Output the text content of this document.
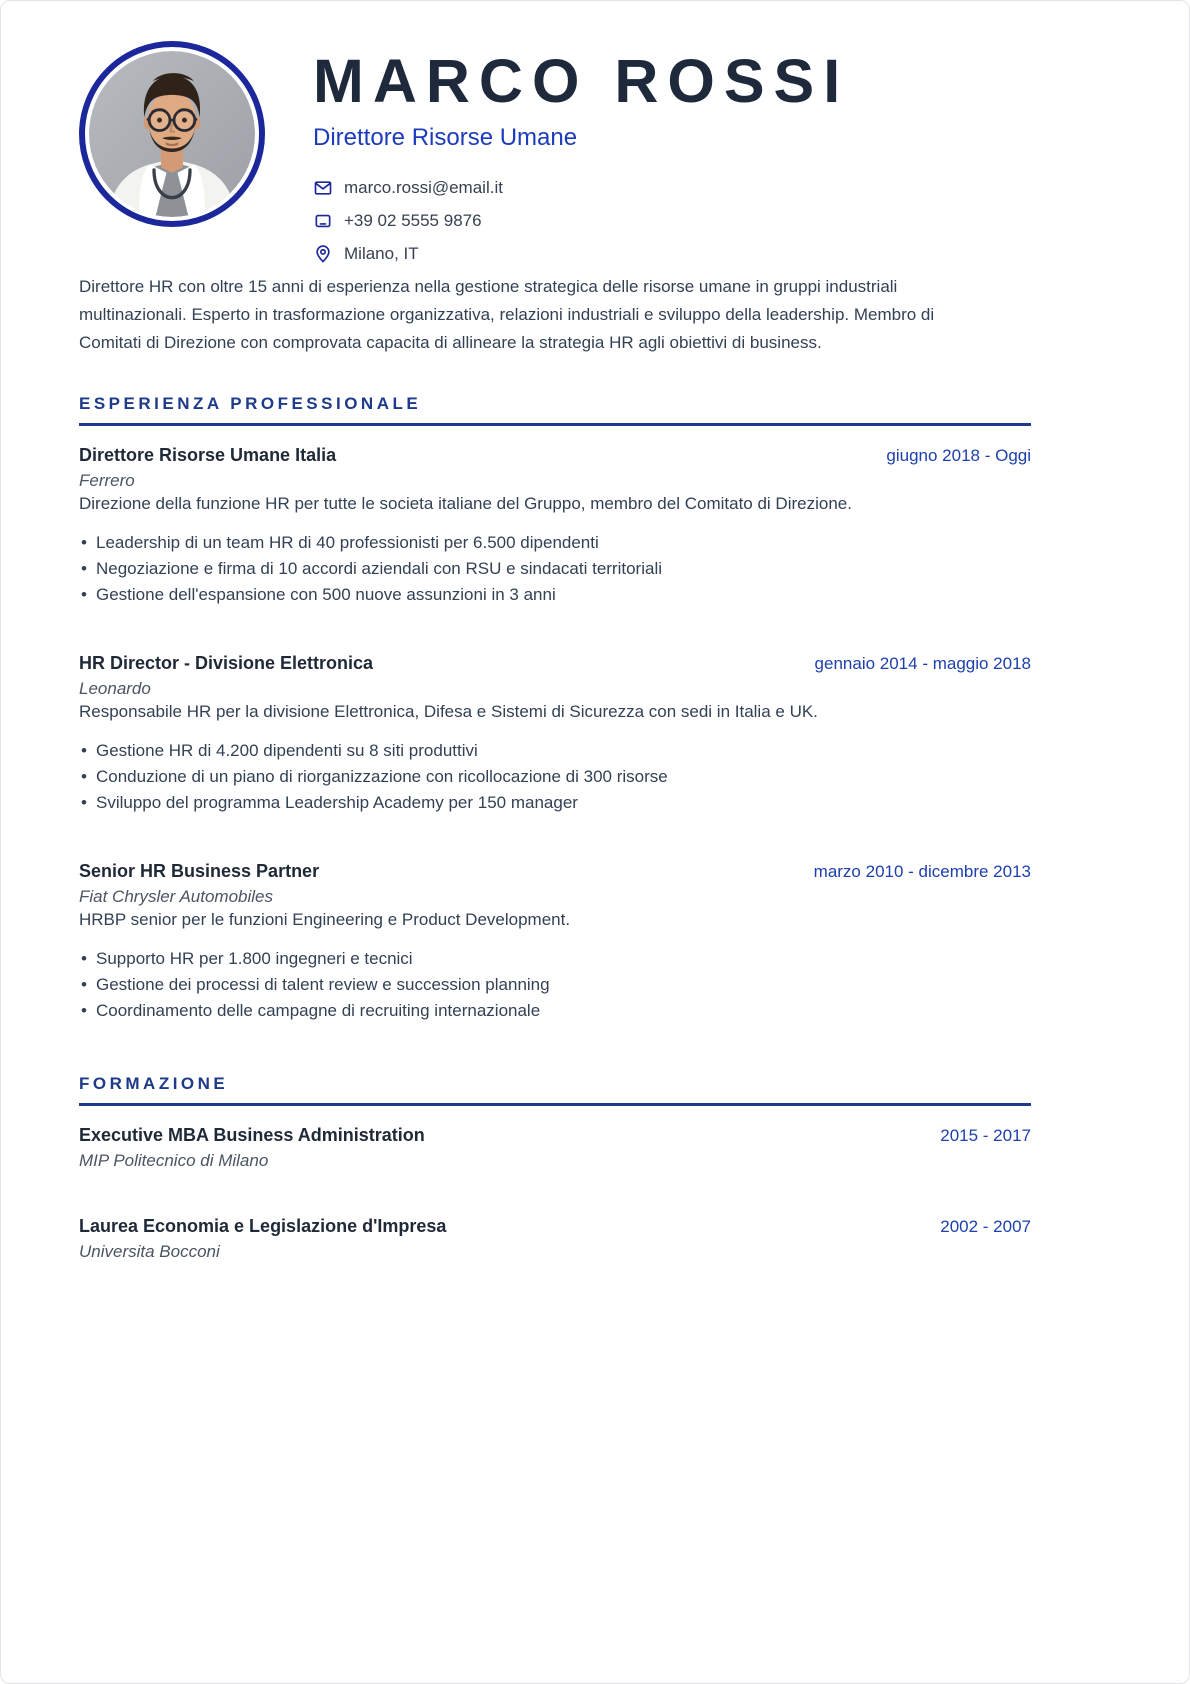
MARCO ROSSI
Direttore Risorse Umane
marco.rossi@email.it
+39 02 5555 9876
Milano, IT

Direttore HR con oltre 15 anni di esperienza nella gestione strategica delle risorse umane in gruppi industriali multinazionali. Esperto in trasformazione organizzativa, relazioni industriali e sviluppo della leadership. Membro di Comitati di Direzione con comprovata capacita di allineare la strategia HR agli obiettivi di business.

ESPERIENZA PROFESSIONALE
Direttore Risorse Umane Italia	giugno 2018 - Oggi
Ferrero
Direzione della funzione HR per tutte le societa italiane del Gruppo, membro del Comitato di Direzione.
• Leadership di un team HR di 40 professionisti per 6.500 dipendenti
• Negoziazione e firma di 10 accordi aziendali con RSU e sindacati territoriali
• Gestione dell'espansione con 500 nuove assunzioni in 3 anni
HR Director - Divisione Elettronica	gennaio 2014 - maggio 2018
Leonardo
Responsabile HR per la divisione Elettronica, Difesa e Sistemi di Sicurezza con sedi in Italia e UK.
• Gestione HR di 4.200 dipendenti su 8 siti produttivi
• Conduzione di un piano di riorganizzazione con ricollocazione di 300 risorse
• Sviluppo del programma Leadership Academy per 150 manager
Senior HR Business Partner	marzo 2010 - dicembre 2013
Fiat Chrysler Automobiles
HRBP senior per le funzioni Engineering e Product Development.
• Supporto HR per 1.800 ingegneri e tecnici
• Gestione dei processi di talent review e succession planning
• Coordinamento delle campagne di recruiting internazionale
FORMAZIONE
Executive MBA Business Administration	2015 - 2017
MIP Politecnico di Milano
Laurea Economia e Legislazione d'Impresa	2002 - 2007
Universita Bocconi
